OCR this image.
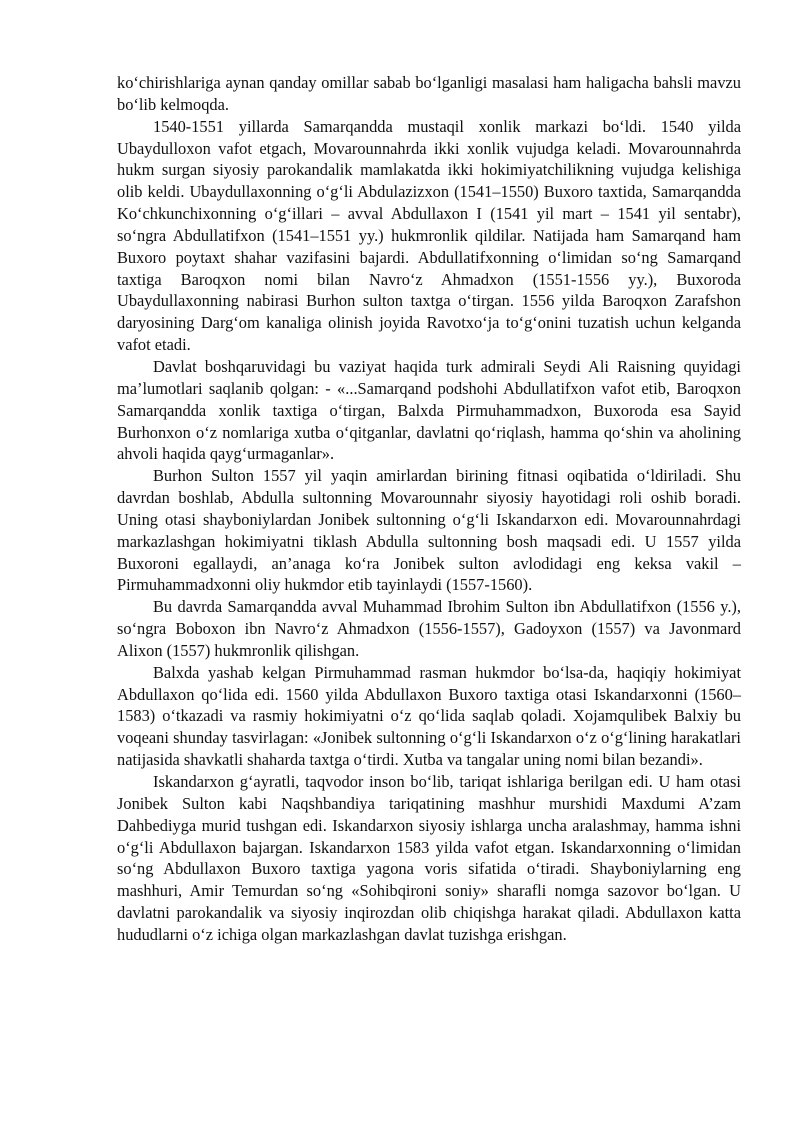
ko‘chirishlariga aynan qanday omillar sabab bo‘lganligi masalasi ham haligacha bahsli mavzu bo‘lib kelmoqda.

1540-1551 yillarda Samarqandda mustaqil xonlik markazi bo‘ldi. 1540 yilda Ubaydulloxon vafot etgach, Movarounnahrda ikki xonlik vujudga keladi. Movarounnahrda hukm surgan siyosiy parokandalik mamlakatda ikki hokimiyatchilikning vujudga kelishiga olib keldi. Ubaydullaxonning o‘g‘li Abdulazizxon (1541–1550) Buxoro taxtida, Samarqandda Ko‘chkunchixonning o‘g‘illari – avval Abdullaxon I (1541 yil mart – 1541 yil sentabr), so‘ngra Abdullatifxon (1541–1551 yy.) hukmronlik qildilar. Natijada ham Samarqand ham Buxoro poytaxt shahar vazifasini bajardi. Abdullatifxonning o‘limidan so‘ng Samarqand taxtiga Baroqxon nomi bilan Navro‘z Ahmadxon (1551-1556 yy.), Buxoroda Ubaydullaxonning nabirasi Burhon sulton taxtga o‘tirgan. 1556 yilda Baroqxon Zarafshon daryosining Darg‘om kanaliga olinish joyida Ravotxo‘ja to‘g‘onini tuzatish uchun kelganda vafot etadi.

Davlat boshqaruvidagi bu vaziyat haqida turk admirali Seydi Ali Raisning quyidagi ma’lumotlari saqlanib qolgan: - «...Samarqand podshohi Abdullatifxon vafot etib, Baroqxon Samarqandda xonlik taxtiga o‘tirgan, Balxda Pirmuhammadxon, Buxoroda esa Sayid Burhonxon o‘z nomlariga xutba o‘qitganlar, davlatni qo‘riqlash, hamma qo‘shin va aholining ahvoli haqida qayg‘urmaganlar».

Burhon Sulton 1557 yil yaqin amirlardan birining fitnasi oqibatida o‘ldiriladi. Shu davrdan boshlab, Abdulla sultonning Movarounnahr siyosiy hayotidagi roli oshib boradi. Uning otasi shayboniylardan Jonibek sultonning o‘g‘li Iskandarxon edi. Movarounnahrdagi markazlashgan hokimiyatni tiklash Abdulla sultonning bosh maqsadi edi. U 1557 yilda Buxoroni egallaydi, an’anaga ko‘ra Jonibek sulton avlodidagi eng keksa vakil – Pirmuhammadxonni oliy hukmdor etib tayinlaydi (1557-1560).

Bu davrda Samarqandda avval Muhammad Ibrohim Sulton ibn Abdullatifxon (1556 y.), so‘ngra Boboxon ibn Navro‘z Ahmadxon (1556-1557), Gadoyxon (1557) va Javonmard Alixon (1557) hukmronlik qilishgan.

Balxda yashab kelgan Pirmuhammad rasman hukmdor bo‘lsa-da, haqiqiy hokimiyat Abdullaxon qo‘lida edi. 1560 yilda Abdullaxon Buxoro taxtiga otasi Iskandarxonni (1560–1583) o‘tkazadi va rasmiy hokimiyatni o‘z qo‘lida saqlab qoladi. Xojamqulibek Balxiy bu voqeani shunday tasvirlagan: «Jonibek sultonning o‘g‘li Iskandarxon o‘z o‘g‘lining harakatlari natijasida shavkatli shaharda taxtga o‘tirdi. Xutba va tangalar uning nomi bilan bezandi».

Iskandarxon g‘ayratli, taqvodor inson bo‘lib, tariqat ishlariga berilgan edi. U ham otasi Jonibek Sulton kabi Naqshbandiya tariqatining mashhur murshidi Maxdumi A’zam Dahbediyga murid tushgan edi. Iskandarxon siyosiy ishlarga uncha aralashmay, hamma ishni o‘g‘li Abdullaxon bajargan. Iskandarxon 1583 yilda vafot etgan. Iskandarxonning o‘limidan so‘ng Abdullaxon Buxoro taxtiga yagona voris sifatida o‘tiradi. Shayboniylarning eng mashhuri, Amir Temurdan so‘ng «Sohibqironi soniy» sharafli nomga sazovor bo‘lgan. U davlatni parokandalik va siyosiy inqirozdan olib chiqishga harakat qiladi. Abdullaxon katta hududlarni o‘z ichiga olgan markazlashgan davlat tuzishga erishgan.
